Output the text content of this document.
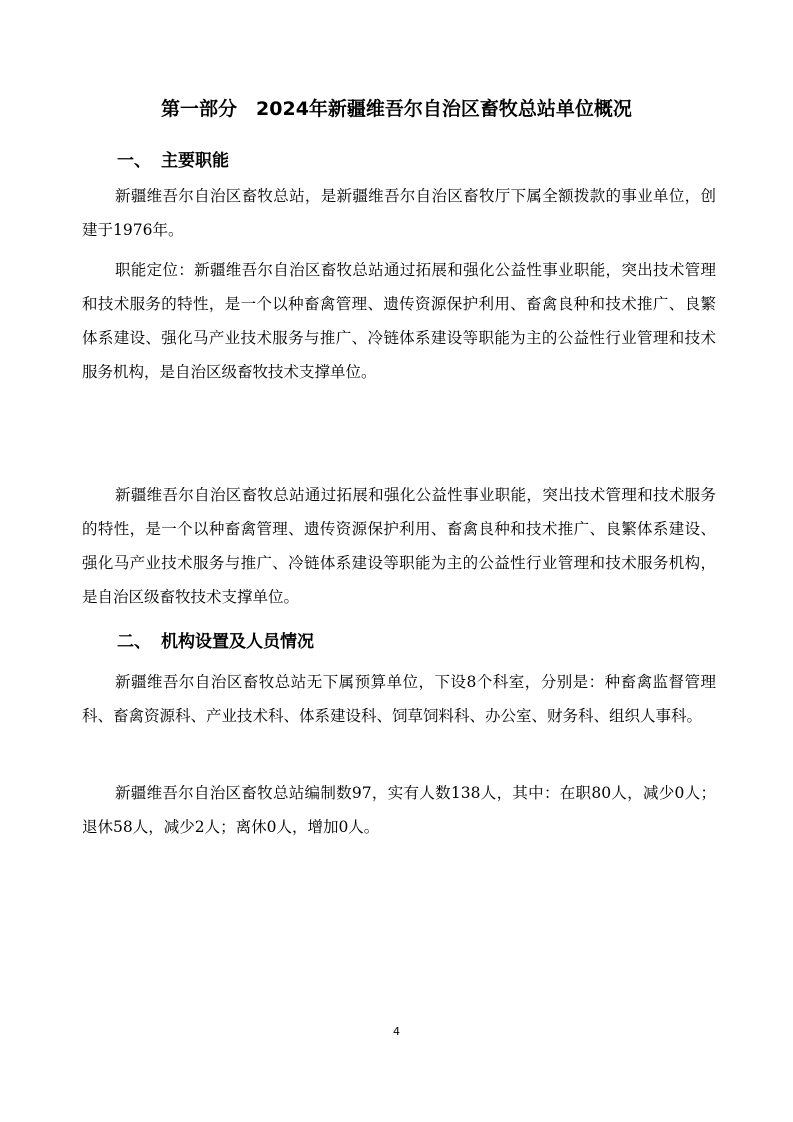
第一部分　2024年新疆维吾尔自治区畜牧总站单位概况
一、 主要职能

新疆维吾尔自治区畜牧总站，是新疆维吾尔自治区畜牧厅下属全额拨款的事业单位，创建于1976年。

职能定位：新疆维吾尔自治区畜牧总站通过拓展和强化公益性事业职能，突出技术管理和技术服务的特性，是一个以种畜禽管理、遗传资源保护利用、畜禽良种和技术推广、良繁体系建设、强化马产业技术服务与推广、冷链体系建设等职能为主的公益性行业管理和技术服务机构，是自治区级畜牧技术支撑单位。

新疆维吾尔自治区畜牧总站通过拓展和强化公益性事业职能，突出技术管理和技术服务的特性，是一个以种畜禽管理、遗传资源保护利用、畜禽良种和技术推广、良繁体系建设、强化马产业技术服务与推广、冷链体系建设等职能为主的公益性行业管理和技术服务机构，是自治区级畜牧技术支撑单位。

二、 机构设置及人员情况

新疆维吾尔自治区畜牧总站无下属预算单位，下设8个科室，分别是：种畜禽监督管理科、畜禽资源科、产业技术科、体系建设科、饲草饲料科、办公室、财务科、组织人事科。

新疆维吾尔自治区畜牧总站编制数97，实有人数138人，其中：在职80人，减少0人；退休58人，减少2人；离休0人，增加0人。

4
